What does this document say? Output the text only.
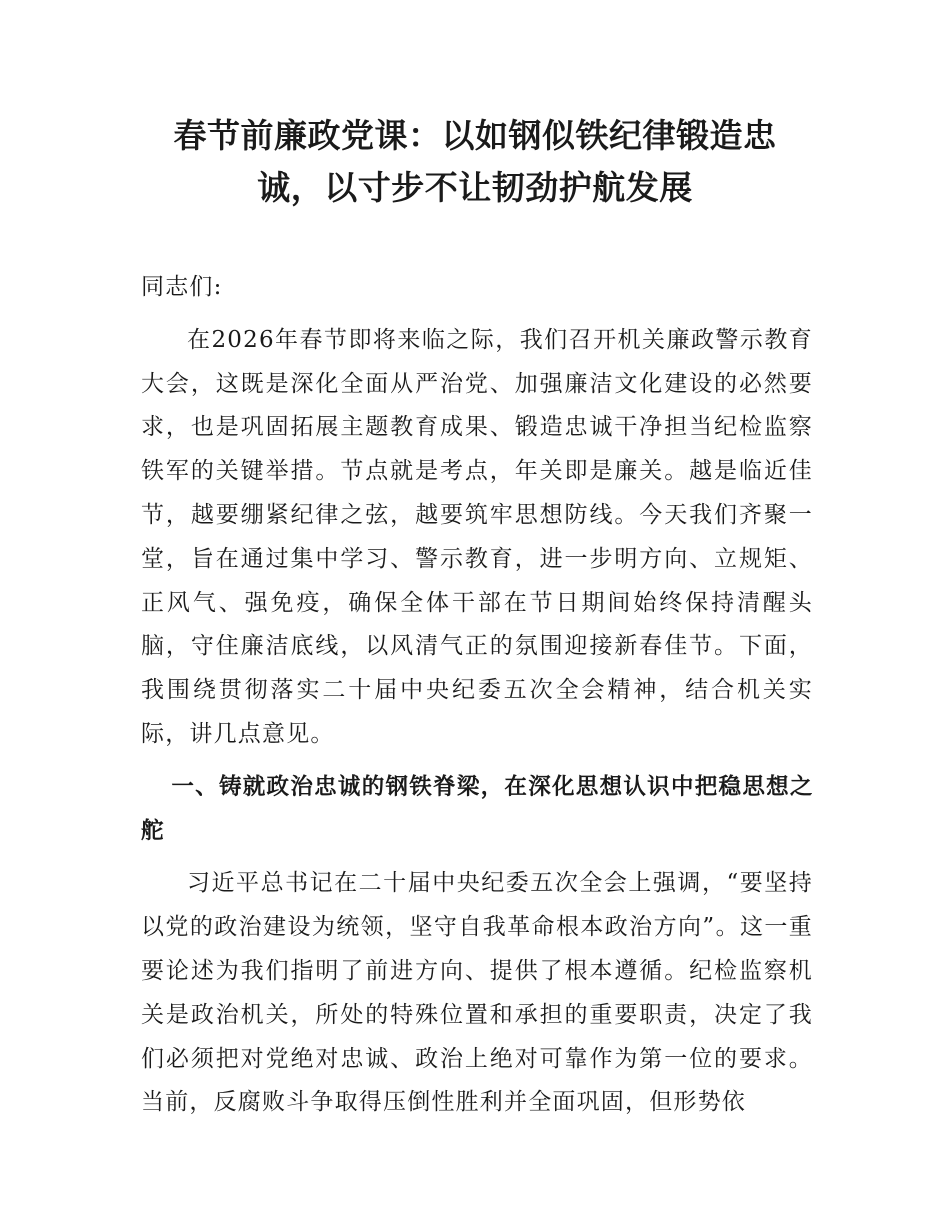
春节前廉政党课：以如钢似铁纪律锻造忠
诚，以寸步不让韧劲护航发展

同志们:

在2026年春节即将来临之际，我们召开机关廉政警示教育大会，这既是深化全面从严治党、加强廉洁文化建设的必然要求，也是巩固拓展主题教育成果、锻造忠诚干净担当纪检监察铁军的关键举措。节点就是考点，年关即是廉关。越是临近佳节，越要绷紧纪律之弦，越要筑牢思想防线。今天我们齐聚一堂，旨在通过集中学习、警示教育，进一步明方向、立规矩、正风气、强免疫，确保全体干部在节日期间始终保持清醒头脑，守住廉洁底线，以风清气正的氛围迎接新春佳节。下面，我围绕贯彻落实二十届中央纪委五次全会精神，结合机关实际，讲几点意见。

一、铸就政治忠诚的钢铁脊梁，在深化思想认识中把稳思想之舵

习近平总书记在二十届中央纪委五次全会上强调，“要坚持以党的政治建设为统领，坚守自我革命根本政治方向”。这一重要论述为我们指明了前进方向、提供了根本遵循。纪检监察机关是政治机关，所处的特殊位置和承担的重要职责，决定了我们必须把对党绝对忠诚、政治上绝对可靠作为第一位的要求。当前，反腐败斗争取得压倒性胜利并全面巩固，但形势依
